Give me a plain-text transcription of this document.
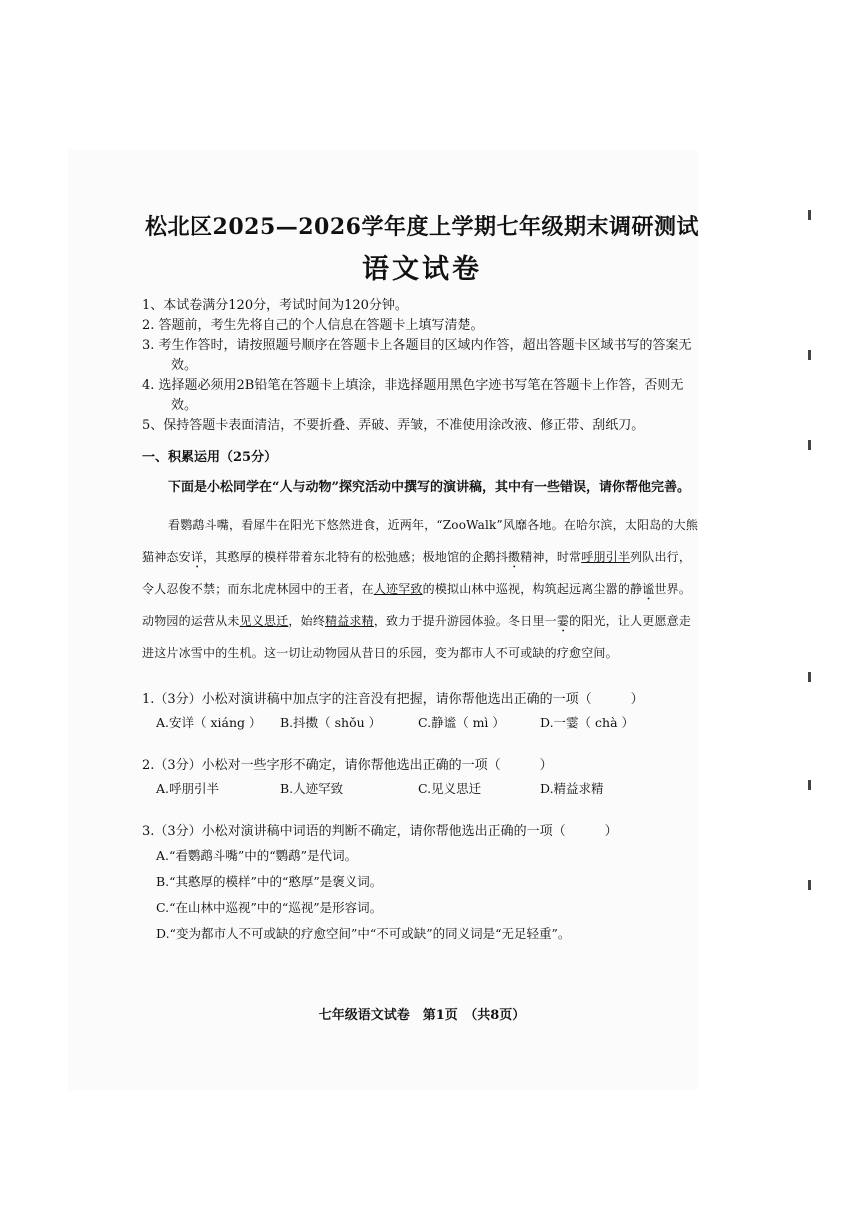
松北区2025—2026学年度上学期七年级期末调研测试
语文试卷
1、本试卷满分120分，考试时间为120分钟。
2. 答题前，考生先将自己的个人信息在答题卡上填写清楚。
3. 考生作答时，请按照题号顺序在答题卡上各题目的区域内作答，超出答题卡区域书写的答案无效。
4. 选择题必须用2B铅笔在答题卡上填涂，非选择题用黑色字迹书写笔在答题卡上作答，否则无效。
5、保持答题卡表面清洁，不要折叠、弄破、弄皱，不准使用涂改液、修正带、刮纸刀。
一、积累运用（25分）

下面是小松同学在“人与动物”探究活动中撰写的演讲稿，其中有一些错误，请你帮他完善。

看鹦鹉斗嘴，看犀牛在阳光下悠然进食，近两年，“ZooWalk”风靡各地。在哈尔滨，太阳岛的大熊猫神态安详，其憨厚的模样带着东北特有的松弛感；极地馆的企鹅抖擞精神，时常呼朋引半列队出行，令人忍俊不禁；而东北虎林园中的王者，在人迹罕致的模拟山林中巡视，构筑起远离尘嚣的静谧世界。动物园的运营从未见义思迁，始终精益求精，致力于提升游园体验。冬日里一霎的阳光，让人更愿意走进这片冰雪中的生机。这一切让动物园从昔日的乐园，变为都市人不可或缺的疗愈空间。

1.（3分）小松对演讲稿中加点字的注音没有把握，请你帮他选出正确的一项（　　　）
A.安详（ xiáng ）	B.抖擞（ shǒu ）	C.静谧（ mì ）	D.一霎（ chà ）
2.（3分）小松对一些字形不确定，请你帮他选出正确的一项（　　　）
A.呼朋引半	B.人迹罕致	C.见义思迁	D.精益求精
3.（3分）小松对演讲稿中词语的判断不确定，请你帮他选出正确的一项（　　　）
A.“看鹦鹉斗嘴”中的“鹦鹉”是代词。
B.“其憨厚的模样”中的“憨厚”是褒义词。
C.“在山林中巡视”中的“巡视”是形容词。
D.“变为都市人不可或缺的疗愈空间”中“不可或缺”的同义词是“无足轻重”。
七年级语文试卷　第1页　（共8页）
